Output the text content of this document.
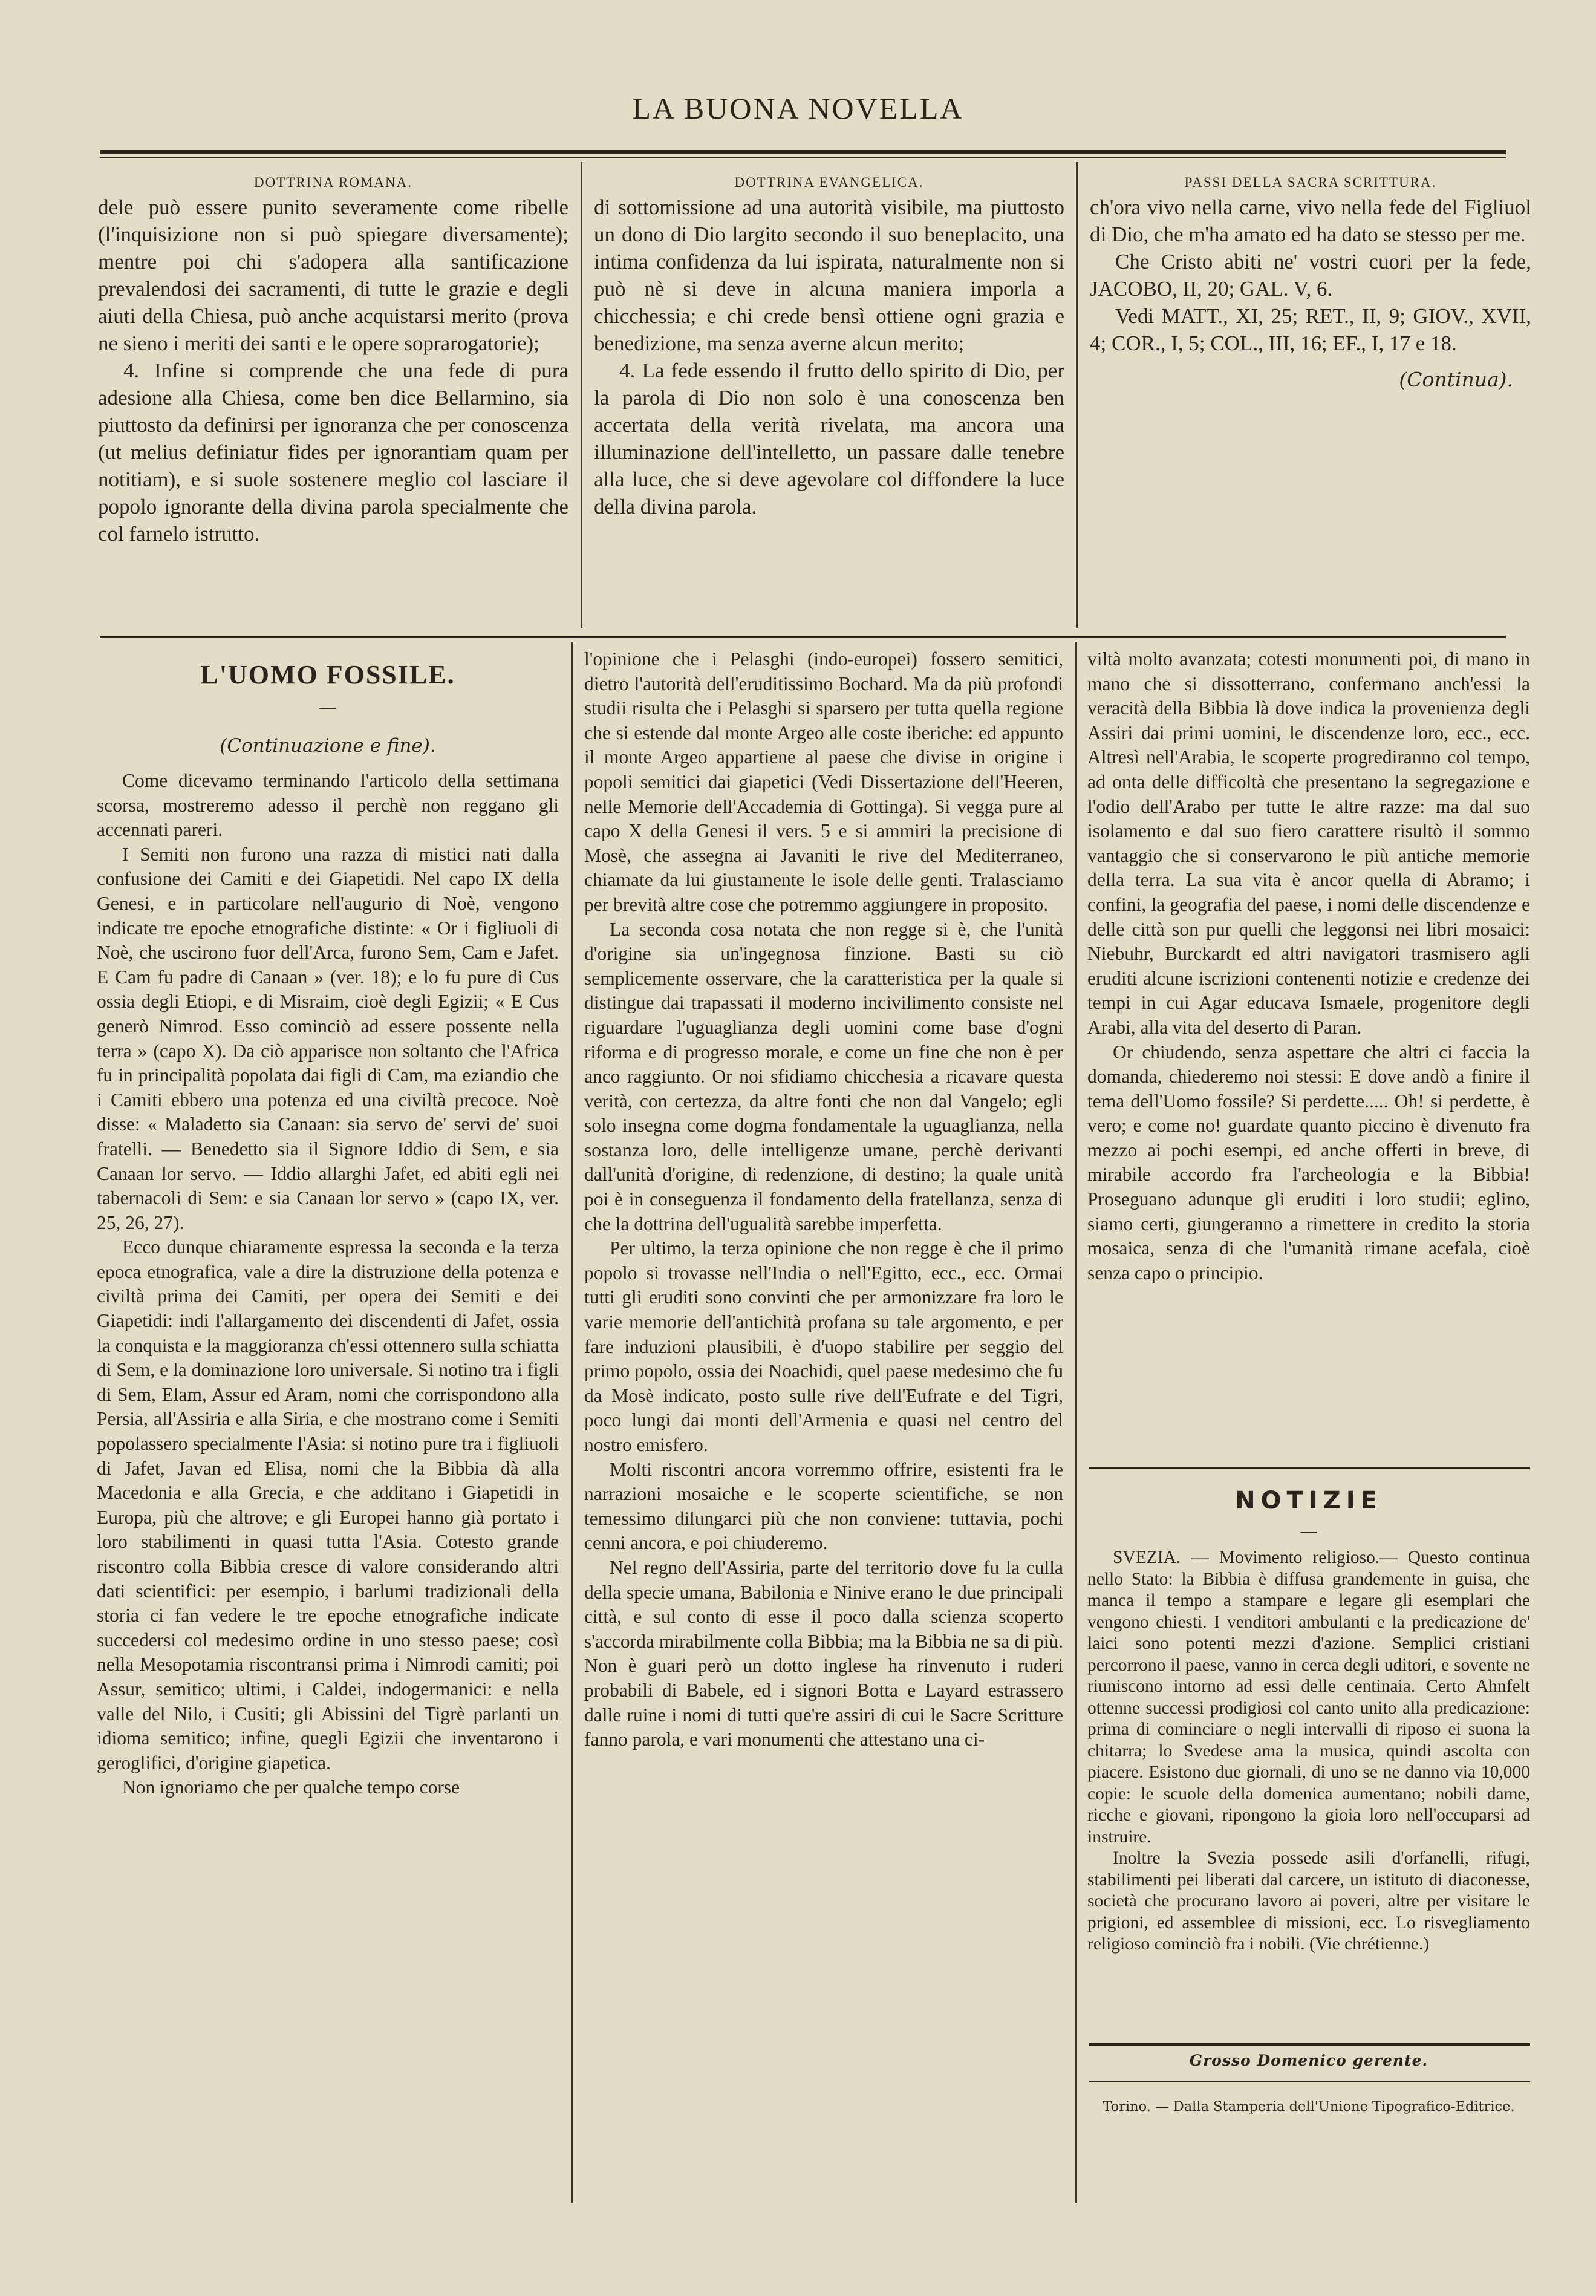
LA BUONA NOVELLA
DOTTRINA ROMANA.

dele può essere punito severamente come ribelle (l'inquisizione non si può spiegare diversamente); mentre poi chi s'adopera alla santificazione prevalendosi dei sacramenti, di tutte le grazie e degli aiuti della Chiesa, può anche acquistarsi merito (prova ne sieno i meriti dei santi e le opere soprarogatorie);

4. Infine si comprende che una fede di pura adesione alla Chiesa, come ben dice Bellarmino, sia piuttosto da definirsi per ignoranza che per conoscenza (ut melius definiatur fides per ignorantiam quam per notitiam), e si suole sostenere meglio col lasciare il popolo ignorante della divina parola specialmente che col farnelo istrutto.

DOTTRINA EVANGELICA.

di sottomissione ad una autorità visibile, ma piuttosto un dono di Dio largito secondo il suo beneplacito, una intima confidenza da lui ispirata, naturalmente non si può nè si deve in alcuna maniera imporla a chicchessia; e chi crede bensì ottiene ogni grazia e benedizione, ma senza averne alcun merito;

4. La fede essendo il frutto dello spirito di Dio, per la parola di Dio non solo è una conoscenza ben accertata della verità rivelata, ma ancora una illuminazione dell'intelletto, un passare dalle tenebre alla luce, che si deve agevolare col diffondere la luce della divina parola.

PASSI DELLA SACRA SCRITTURA.

ch'ora vivo nella carne, vivo nella fede del Figliuol di Dio, che m'ha amato ed ha dato se stesso per me.

Che Cristo abiti ne' vostri cuori per la fede, JACOBO, II, 20; GAL. V, 6.

Vedi MATT., XI, 25; RET., II, 9; GIOV., XVII, 4; COR., I, 5; COL., III, 16; EF., I, 17 e 18.

(Continua).
L'UOMO FOSSILE.
—
(Continuazione e fine).

Come dicevamo terminando l'articolo della settimana scorsa, mostreremo adesso il perchè non reggano gli accennati pareri.

I Semiti non furono una razza di mistici nati dalla confusione dei Camiti e dei Giapetidi. Nel capo IX della Genesi, e in particolare nell'augurio di Noè, vengono indicate tre epoche etnografiche distinte: « Or i figliuoli di Noè, che uscirono fuor dell'Arca, furono Sem, Cam e Jafet. E Cam fu padre di Canaan » (ver. 18); e lo fu pure di Cus ossia degli Etiopi, e di Misraim, cioè degli Egizii; « E Cus generò Nimrod. Esso cominciò ad essere possente nella terra » (capo X). Da ciò apparisce non soltanto che l'Africa fu in principalità popolata dai figli di Cam, ma eziandio che i Camiti ebbero una potenza ed una civiltà precoce. Noè disse: « Maladetto sia Canaan: sia servo de' servi de' suoi fratelli. — Benedetto sia il Signore Iddio di Sem, e sia Canaan lor servo. — Iddio allarghi Jafet, ed abiti egli nei tabernacoli di Sem: e sia Canaan lor servo » (capo IX, ver. 25, 26, 27).

Ecco dunque chiaramente espressa la seconda e la terza epoca etnografica, vale a dire la distruzione della potenza e civiltà prima dei Camiti, per opera dei Semiti e dei Giapetidi: indi l'allargamento dei discendenti di Jafet, ossia la conquista e la maggioranza ch'essi ottennero sulla schiatta di Sem, e la dominazione loro universale. Si notino tra i figli di Sem, Elam, Assur ed Aram, nomi che corrispondono alla Persia, all'Assiria e alla Siria, e che mostrano come i Semiti popolassero specialmente l'Asia: si notino pure tra i figliuoli di Jafet, Javan ed Elisa, nomi che la Bibbia dà alla Macedonia e alla Grecia, e che additano i Giapetidi in Europa, più che altrove; e gli Europei hanno già portato i loro stabilimenti in quasi tutta l'Asia. Cotesto grande riscontro colla Bibbia cresce di valore considerando altri dati scientifici: per esempio, i barlumi tradizionali della storia ci fan vedere le tre epoche etnografiche indicate succedersi col medesimo ordine in uno stesso paese; così nella Mesopotamia riscontransi prima i Nimrodi camiti; poi Assur, semitico; ultimi, i Caldei, indogermanici: e nella valle del Nilo, i Cusiti; gli Abissini del Tigrè parlanti un idioma semitico; infine, quegli Egizii che inventarono i geroglifici, d'origine giapetica.

Non ignoriamo che per qualche tempo corse

l'opinione che i Pelasghi (indo-europei) fossero semitici, dietro l'autorità dell'eruditissimo Bochard. Ma da più profondi studii risulta che i Pelasghi si sparsero per tutta quella regione che si estende dal monte Argeo alle coste iberiche: ed appunto il monte Argeo appartiene al paese che divise in origine i popoli semitici dai giapetici (Vedi Dissertazione dell'Heeren, nelle Memorie dell'Accademia di Gottinga). Si vegga pure al capo X della Genesi il vers. 5 e si ammiri la precisione di Mosè, che assegna ai Javaniti le rive del Mediterraneo, chiamate da lui giustamente le isole delle genti. Tralasciamo per brevità altre cose che potremmo aggiungere in proposito.

La seconda cosa notata che non regge si è, che l'unità d'origine sia un'ingegnosa finzione. Basti su ciò semplicemente osservare, che la caratteristica per la quale si distingue dai trapassati il moderno incivilimento consiste nel riguardare l'uguaglianza degli uomini come base d'ogni riforma e di progresso morale, e come un fine che non è per anco raggiunto. Or noi sfidiamo chicchesia a ricavare questa verità, con certezza, da altre fonti che non dal Vangelo; egli solo insegna come dogma fondamentale la uguaglianza, nella sostanza loro, delle intelligenze umane, perchè derivanti dall'unità d'origine, di redenzione, di destino; la quale unità poi è in conseguenza il fondamento della fratellanza, senza di che la dottrina dell'ugualità sarebbe imperfetta.

Per ultimo, la terza opinione che non regge è che il primo popolo si trovasse nell'India o nell'Egitto, ecc., ecc. Ormai tutti gli eruditi sono convinti che per armonizzare fra loro le varie memorie dell'antichità profana su tale argomento, e per fare induzioni plausibili, è d'uopo stabilire per seggio del primo popolo, ossia dei Noachidi, quel paese medesimo che fu da Mosè indicato, posto sulle rive dell'Eufrate e del Tigri, poco lungi dai monti dell'Armenia e quasi nel centro del nostro emisfero.

Molti riscontri ancora vorremmo offrire, esistenti fra le narrazioni mosaiche e le scoperte scientifiche, se non temessimo dilungarci più che non conviene: tuttavia, pochi cenni ancora, e poi chiuderemo.

Nel regno dell'Assiria, parte del territorio dove fu la culla della specie umana, Babilonia e Ninive erano le due principali città, e sul conto di esse il poco dalla scienza scoperto s'accorda mirabilmente colla Bibbia; ma la Bibbia ne sa di più. Non è guari però un dotto inglese ha rinvenuto i ruderi probabili di Babele, ed i signori Botta e Layard estrassero dalle ruine i nomi di tutti que're assiri di cui le Sacre Scritture fanno parola, e vari monumenti che attestano una ci-

viltà molto avanzata; cotesti monumenti poi, di mano in mano che si dissotterrano, confermano anch'essi la veracità della Bibbia là dove indica la provenienza degli Assiri dai primi uomini, le discendenze loro, ecc., ecc. Altresì nell'Arabia, le scoperte progrediranno col tempo, ad onta delle difficoltà che presentano la segregazione e l'odio dell'Arabo per tutte le altre razze: ma dal suo isolamento e dal suo fiero carattere risultò il sommo vantaggio che si conservarono le più antiche memorie della terra. La sua vita è ancor quella di Abramo; i confini, la geografia del paese, i nomi delle discendenze e delle città son pur quelli che leggonsi nei libri mosaici: Niebuhr, Burckardt ed altri navigatori trasmisero agli eruditi alcune iscrizioni contenenti notizie e credenze dei tempi in cui Agar educava Ismaele, progenitore degli Arabi, alla vita del deserto di Paran.

Or chiudendo, senza aspettare che altri ci faccia la domanda, chiederemo noi stessi: E dove andò a finire il tema dell'Uomo fossile? Si perdette..... Oh! si perdette, è vero; e come no! guardate quanto piccino è divenuto fra mezzo ai pochi esempi, ed anche offerti in breve, di mirabile accordo fra l'archeologia e la Bibbia! Proseguano adunque gli eruditi i loro studii; eglino, siamo certi, giungeranno a rimettere in credito la storia mosaica, senza di che l'umanità rimane acefala, cioè senza capo o principio.

NOTIZIE
—

SVEZIA. — Movimento religioso.— Questo continua nello Stato: la Bibbia è diffusa grandemente in guisa, che manca il tempo a stampare e legare gli esemplari che vengono chiesti. I venditori ambulanti e la predicazione de' laici sono potenti mezzi d'azione. Semplici cristiani percorrono il paese, vanno in cerca degli uditori, e sovente ne riuniscono intorno ad essi delle centinaia. Certo Ahnfelt ottenne successi prodigiosi col canto unito alla predicazione: prima di cominciare o negli intervalli di riposo ei suona la chitarra; lo Svedese ama la musica, quindi ascolta con piacere. Esistono due giornali, di uno se ne danno via 10,000 copie: le scuole della domenica aumentano; nobili dame, ricche e giovani, ripongono la gioia loro nell'occuparsi ad instruire.

Inoltre la Svezia possede asili d'orfanelli, rifugi, stabilimenti pei liberati dal carcere, un istituto di diaconesse, società che procurano lavoro ai poveri, altre per visitare le prigioni, ed assemblee di missioni, ecc. Lo risvegliamento religioso cominciò fra i nobili. (Vie chrétienne.)

Grosso Domenico gerente.
Torino. — Dalla Stamperia dell'Unione Tipografico-Editrice.
